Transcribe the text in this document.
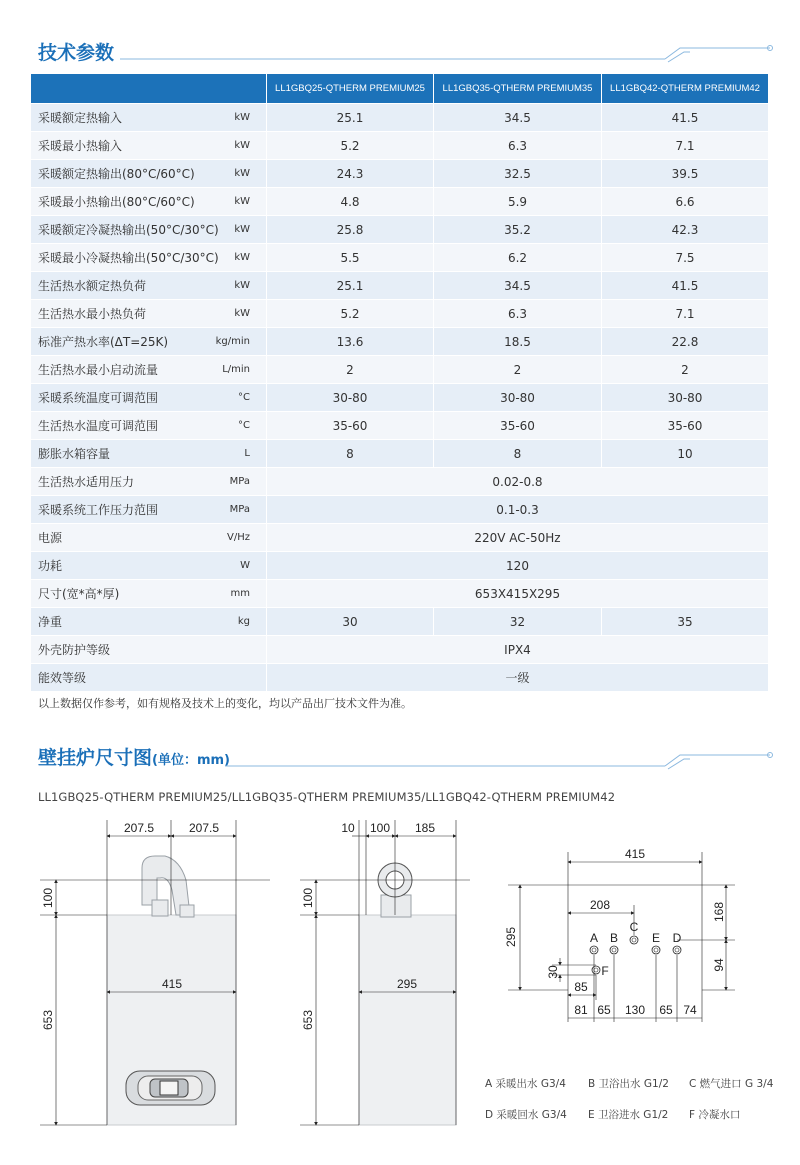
技术参数
	LL1GBQ25-QTHERM PREMIUM25	LL1GBQ35-QTHERM PREMIUM35	LL1GBQ42-QTHERM PREMIUM42

采暖额定热输入 kW	25.1	34.5	41.5

采暖最小热输入 kW	5.2	6.3	7.1

采暖额定热输出(80°C/60°C) kW	24.3	32.5	39.5

采暖最小热输出(80°C/60°C) kW	4.8	5.9	6.6

采暖额定冷凝热输出(50°C/30°C) kW	25.8	35.2	42.3

采暖最小冷凝热输出(50°C/30°C) kW	5.5	6.2	7.5

生活热水额定热负荷 kW	25.1	34.5	41.5

生活热水最小热负荷 kW	5.2	6.3	7.1

标准产热水率(ΔT=25K) kg/min	13.6	18.5	22.8

生活热水最小启动流量 L/min	2	2	2

采暖系统温度可调范围 °C	30-80	30-80	30-80

生活热水温度可调范围 °C	35-60	35-60	35-60

膨胀水箱容量 L	8	8	10

生活热水适用压力 MPa	0.02-0.8		

采暖系统工作压力范围 MPa	0.1-0.3		

电源 V/Hz	220V AC-50Hz		

功耗 W	120		

尺寸(宽*高*厚) mm	653X415X295		

净重 kg	30	32	35

外壳防护等级	IPX4		

能效等级	一级		
以上数据仅作参考，如有规格及技术上的变化，均以产品出厂技术文件为准。
壁挂炉尺寸图(单位：mm)
LL1GBQ25-QTHERM PREMIUM25/LL1GBQ35-QTHERM PREMIUM35/LL1GBQ42-QTHERM PREMIUM42
207.5	207.5
415
100
653
10 100 185
295
100
653
415
295
208	168
94
A B
C
E D
F
30
85
81 65 130 65 74
A 采暖出水 G3/4 B 卫浴出水 G1/2 C 燃气进口 G 3/4
D 采暖回水 G3/4 E 卫浴进水 G1/2 F 冷凝水口
